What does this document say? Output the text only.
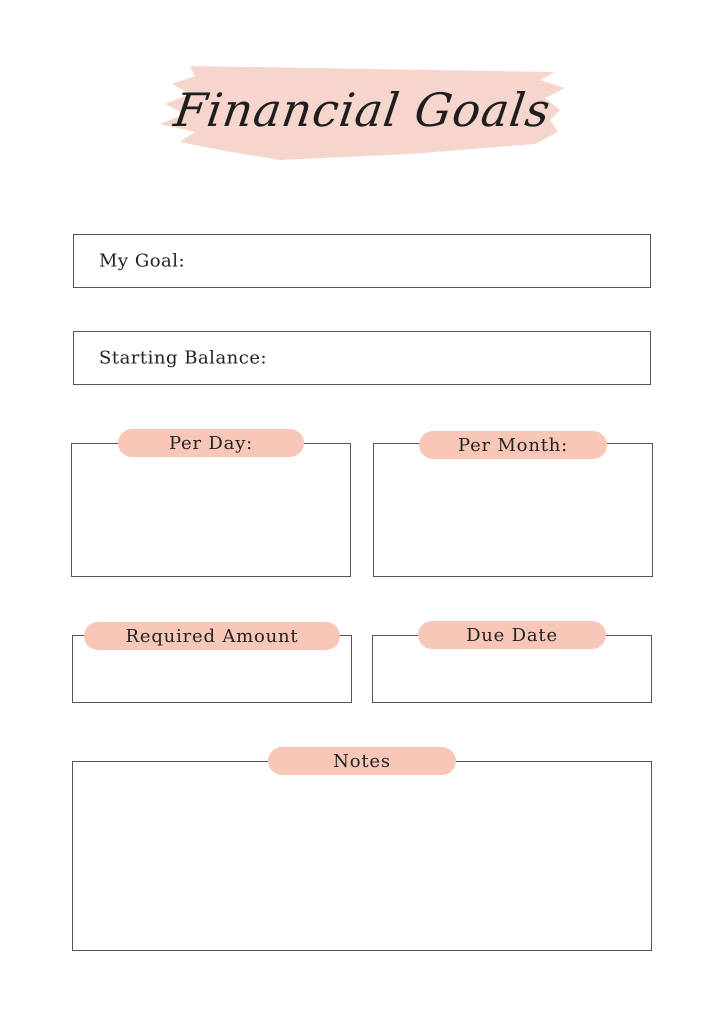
Financial Goals
My Goal:
Starting Balance:
Per Day:	Per Month:
Required Amount	Due Date
Notes
